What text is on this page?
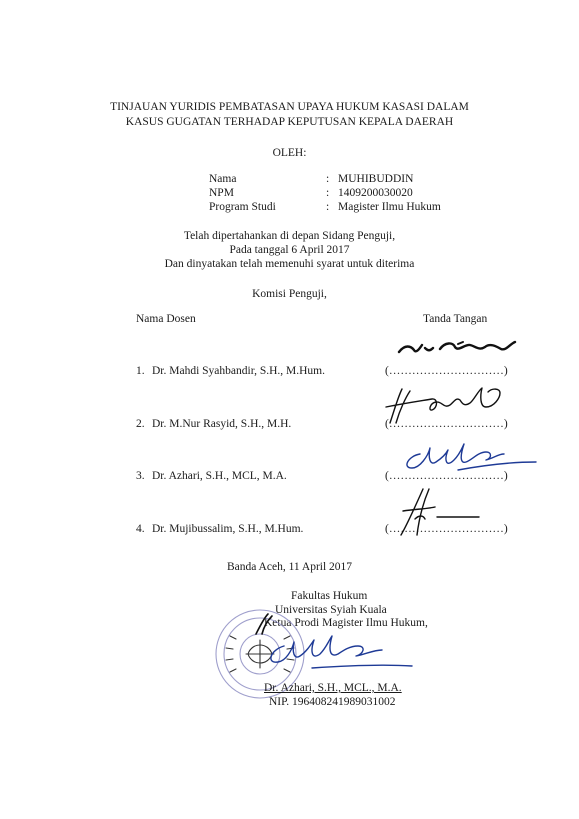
TINJAUAN YURIDIS PEMBATASAN UPAYA HUKUM KASASI DALAM
KASUS GUGATAN TERHADAP KEPUTUSAN KEPALA DAERAH
OLEH:
Nama	: MUHIBUDDIN
NPM	: 1409200030020
Program Studi	: Magister Ilmu Hukum
Telah dipertahankan di depan Sidang Penguji,
Pada tanggal 6 April 2017
Dan dinyatakan telah memenuhi syarat untuk diterima
Komisi Penguji,
Nama Dosen	Tanda Tangan
1. Dr. Mahdi Syahbandir, S.H., M.Hum.	(…………………………)
2. Dr. M.Nur Rasyid, S.H., M.H.	(…………………………)
3. Dr. Azhari, S.H., MCL, M.A.	(…………………………)
4. Dr. Mujibussalim, S.H., M.Hum.	(…………………………)
Banda Aceh, 11 April 2017
Fakultas Hukum
Universitas Syiah Kuala
Ketua Prodi Magister Ilmu Hukum,
Dr. Azhari, S.H., MCL., M.A.
NIP. 196408241989031002
